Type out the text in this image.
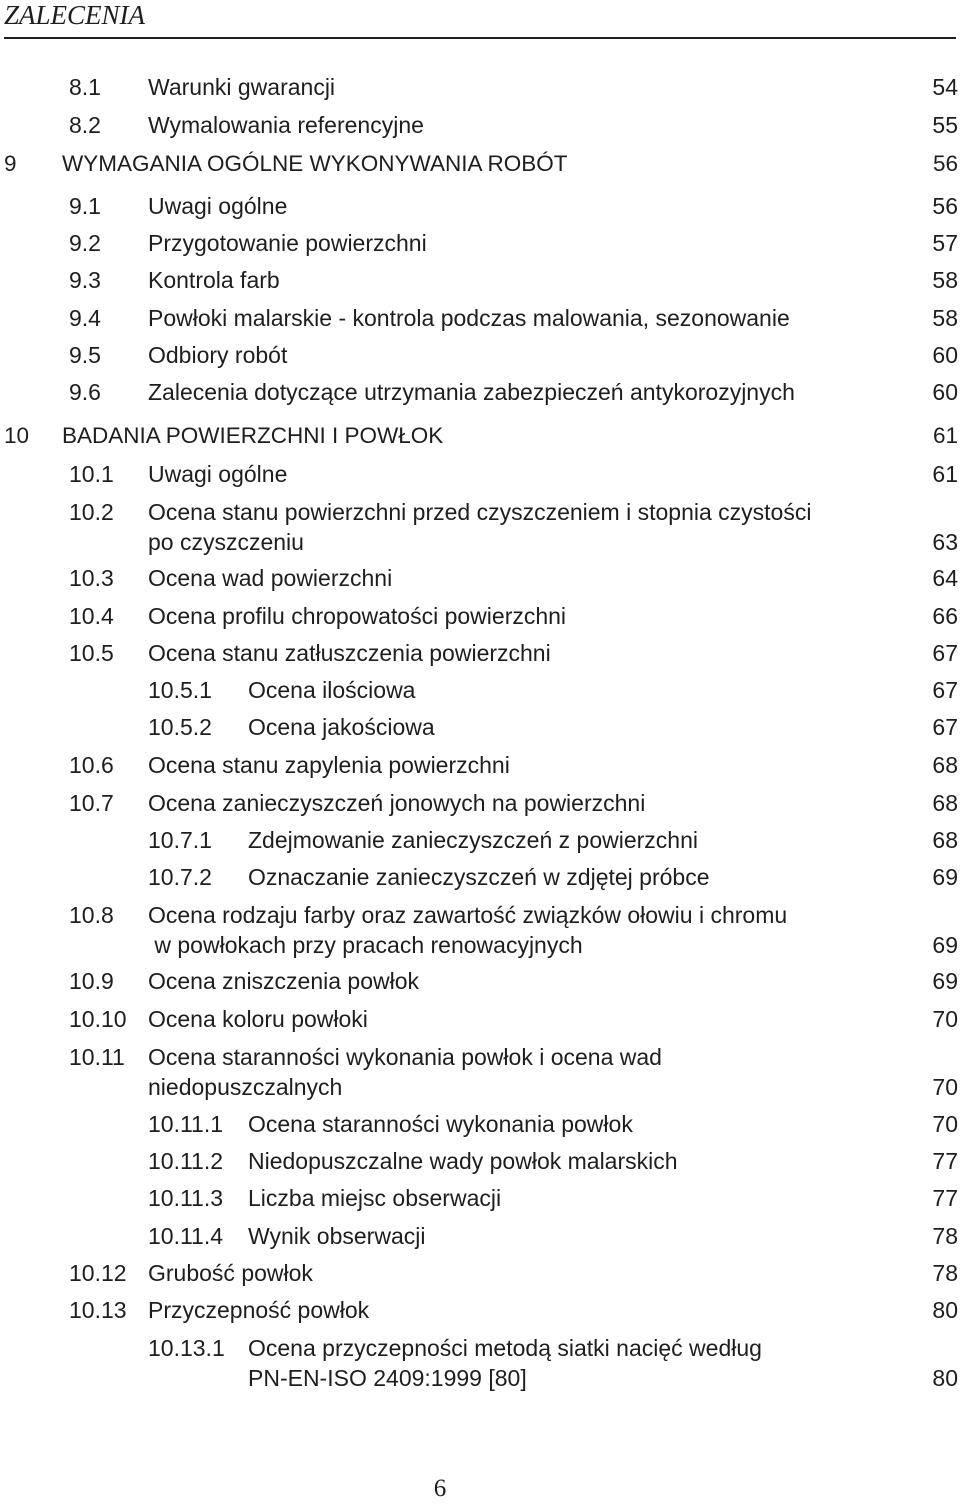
ZALECENIA
8.1 Warunki gwarancji	54
8.2 Wymalowania referencyjne	55
9 WYMAGANIA OGÓLNE WYKONYWANIA ROBÓT	56
9.1 Uwagi ogólne	56
9.2 Przygotowanie powierzchni	57
9.3 Kontrola farb	58
9.4 Powłoki malarskie - kontrola podczas malowania, sezonowanie	58
9.5 Odbiory robót	60
9.6 Zalecenia dotyczące utrzymania zabezpieczeń antykorozyjnych	60
10 BADANIA POWIERZCHNI I POWŁOK	61
10.1 Uwagi ogólne	61
10.2 Ocena stanu powierzchni przed czyszczeniem i stopnia czystości
po czyszczeniu	63
10.3 Ocena wad powierzchni	64
10.4 Ocena profilu chropowatości powierzchni	66
10.5 Ocena stanu zatłuszczenia powierzchni	67
10.5.1 Ocena ilościowa	67
10.5.2 Ocena jakościowa	67
10.6 Ocena stanu zapylenia powierzchni	68
10.7 Ocena zanieczyszczeń jonowych na powierzchni	68
10.7.1 Zdejmowanie zanieczyszczeń z powierzchni	68
10.7.2 Oznaczanie zanieczyszczeń w zdjętej próbce	69
10.8 Ocena rodzaju farby oraz zawartość związków ołowiu i chromu
w powłokach przy pracach renowacyjnych	69
10.9 Ocena zniszczenia powłok	69
10.10 Ocena koloru powłoki	70
10.11 Ocena staranności wykonania powłok i ocena wad
niedopuszczalnych	70
10.11.1 Ocena staranności wykonania powłok	70
10.11.2 Niedopuszczalne wady powłok malarskich	77
10.11.3 Liczba miejsc obserwacji	77
10.11.4 Wynik obserwacji	78
10.12 Grubość powłok	78
10.13 Przyczepność powłok	80
10.13.1 Ocena przyczepności metodą siatki nacięć według
PN-EN-ISO 2409:1999 [80]	80
6
